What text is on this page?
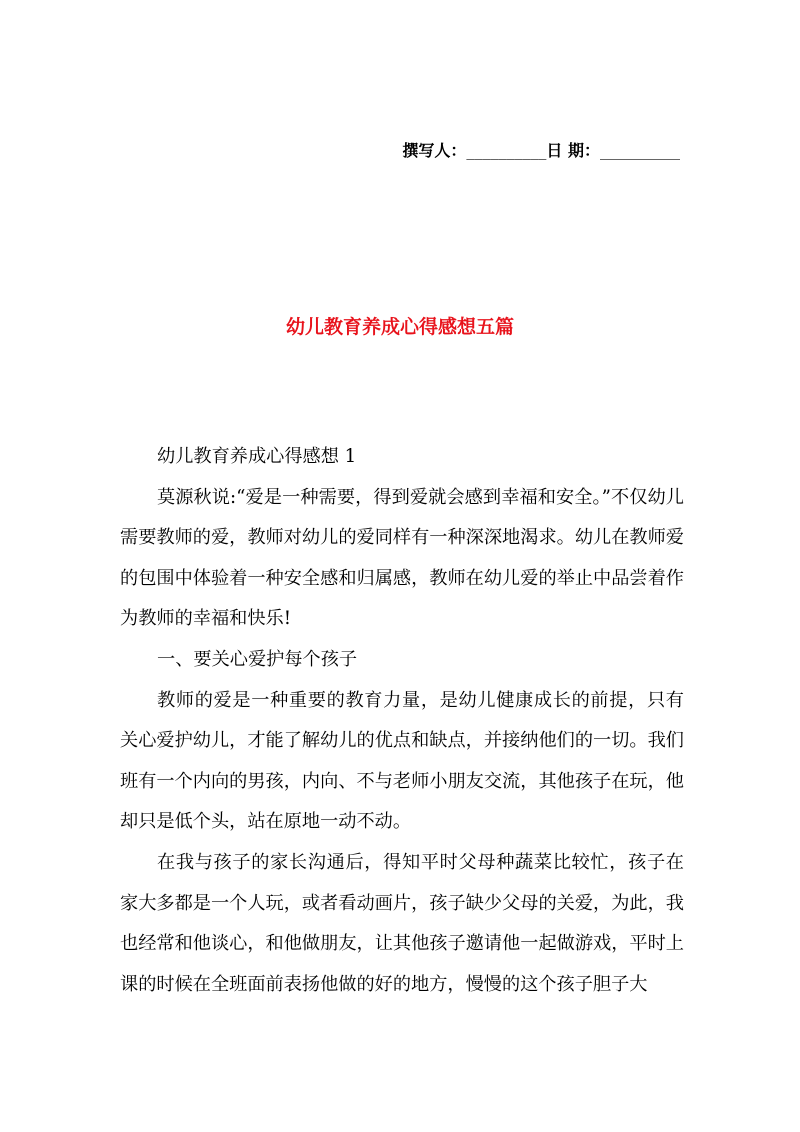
撰写人：__________日 期：__________
幼儿教育养成心得感想五篇

幼儿教育养成心得感想 1

莫源秋说:“爱是一种需要，得到爱就会感到幸福和安全。”不仅幼儿需要教师的爱，教师对幼儿的爱同样有一种深深地渴求。幼儿在教师爱的包围中体验着一种安全感和归属感，教师在幼儿爱的举止中品尝着作为教师的幸福和快乐!

一、要关心爱护每个孩子

教师的爱是一种重要的教育力量，是幼儿健康成长的前提，只有关心爱护幼儿，才能了解幼儿的优点和缺点，并接纳他们的一切。我们班有一个内向的男孩，内向、不与老师小朋友交流，其他孩子在玩，他却只是低个头，站在原地一动不动。

在我与孩子的家长沟通后，得知平时父母种蔬菜比较忙，孩子在家大多都是一个人玩，或者看动画片，孩子缺少父母的关爱，为此，我也经常和他谈心，和他做朋友，让其他孩子邀请他一起做游戏，平时上课的时候在全班面前表扬他做的好的地方，慢慢的这个孩子胆子大
